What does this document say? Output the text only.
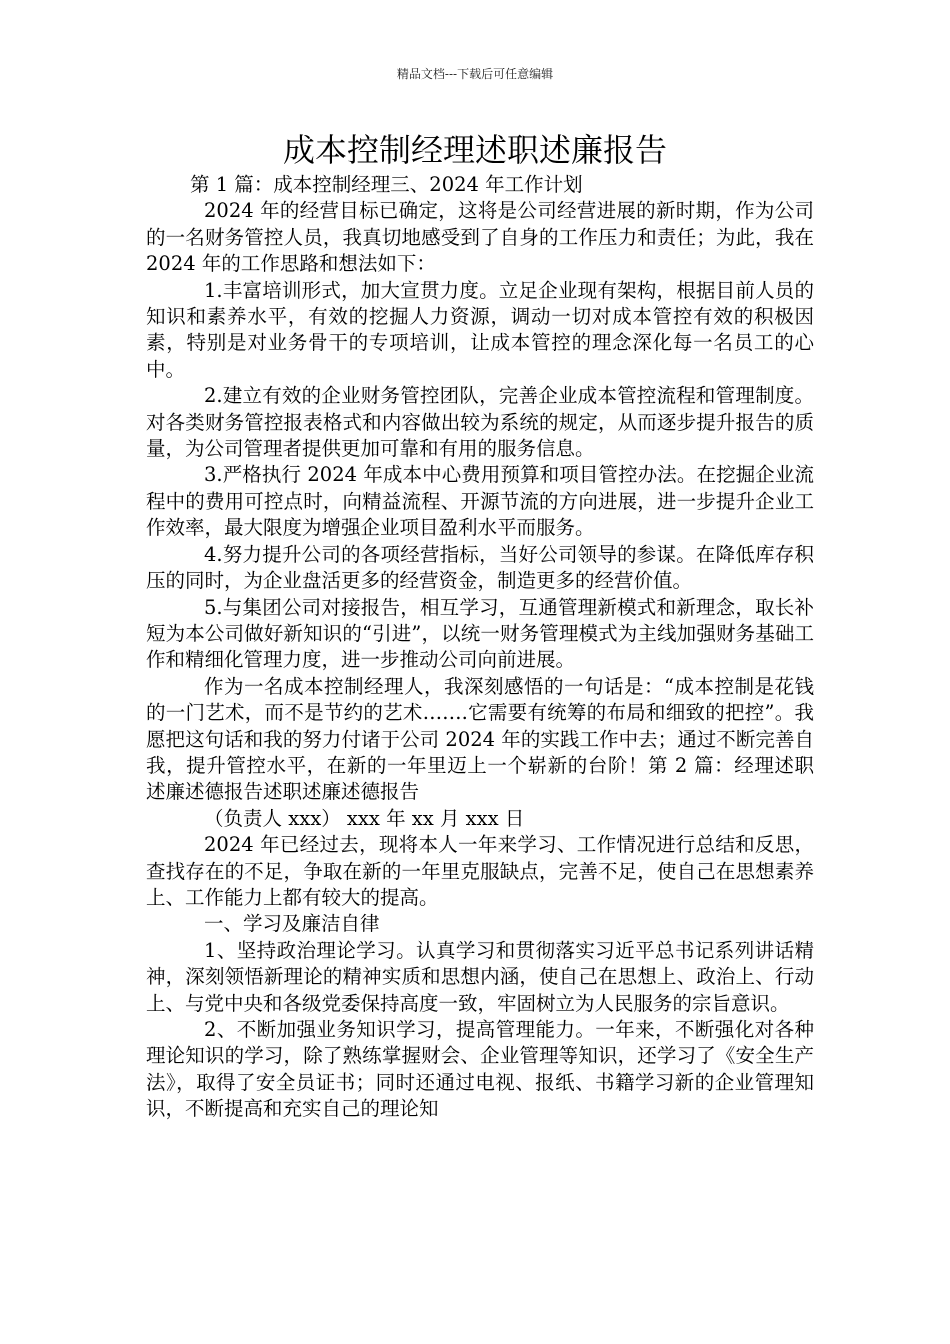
精品文档---下载后可任意编辑
成本控制经理述职述廉报告

第 1 篇：成本控制经理三、2024 年工作计划

2024 年的经营目标已确定，这将是公司经营进展的新时期，作为公司的一名财务管控人员，我真切地感受到了自身的工作压力和责任；为此，我在 2024 年的工作思路和想法如下：

1.丰富培训形式，加大宣贯力度。立足企业现有架构，根据目前人员的知识和素养水平，有效的挖掘人力资源，调动一切对成本管控有效的积极因素，特别是对业务骨干的专项培训，让成本管控的理念深化每一名员工的心中。

2.建立有效的企业财务管控团队，完善企业成本管控流程和管理制度。对各类财务管控报表格式和内容做出较为系统的规定，从而逐步提升报告的质量，为公司管理者提供更加可靠和有用的服务信息。

3.严格执行 2024 年成本中心费用预算和项目管控办法。在挖掘企业流程中的费用可控点时，向精益流程、开源节流的方向进展，进一步提升企业工作效率，最大限度为增强企业项目盈利水平而服务。

4.努力提升公司的各项经营指标，当好公司领导的参谋。在降低库存积压的同时，为企业盘活更多的经营资金，制造更多的经营价值。

5.与集团公司对接报告，相互学习，互通管理新模式和新理念，取长补短为本公司做好新知识的“引进”，以统一财务管理模式为主线加强财务基础工作和精细化管理力度，进一步推动公司向前进展。

作为一名成本控制经理人，我深刻感悟的一句话是：“成本控制是花钱的一门艺术，而不是节约的艺术…….它需要有统筹的布局和细致的把控”。我愿把这句话和我的努力付诸于公司 2024 年的实践工作中去；通过不断完善自我，提升管控水平，在新的一年里迈上一个崭新的台阶！第 2 篇：经理述职述廉述德报告述职述廉述德报告

（负责人 xxx） xxx 年 xx 月 xxx 日

2024 年已经过去，现将本人一年来学习、工作情况进行总结和反思，查找存在的不足，争取在新的一年里克服缺点，完善不足，使自己在思想素养上、工作能力上都有较大的提高。

一、学习及廉洁自律

1、坚持政治理论学习。认真学习和贯彻落实习近平总书记系列讲话精神，深刻领悟新理论的精神实质和思想内涵，使自己在思想上、政治上、行动上、与党中央和各级党委保持高度一致，牢固树立为人民服务的宗旨意识。

2、不断加强业务知识学习，提高管理能力。一年来，不断强化对各种理论知识的学习，除了熟练掌握财会、企业管理等知识，还学习了《安全生产法》，取得了安全员证书；同时还通过电视、报纸、书籍学习新的企业管理知识，不断提高和充实自己的理论知
